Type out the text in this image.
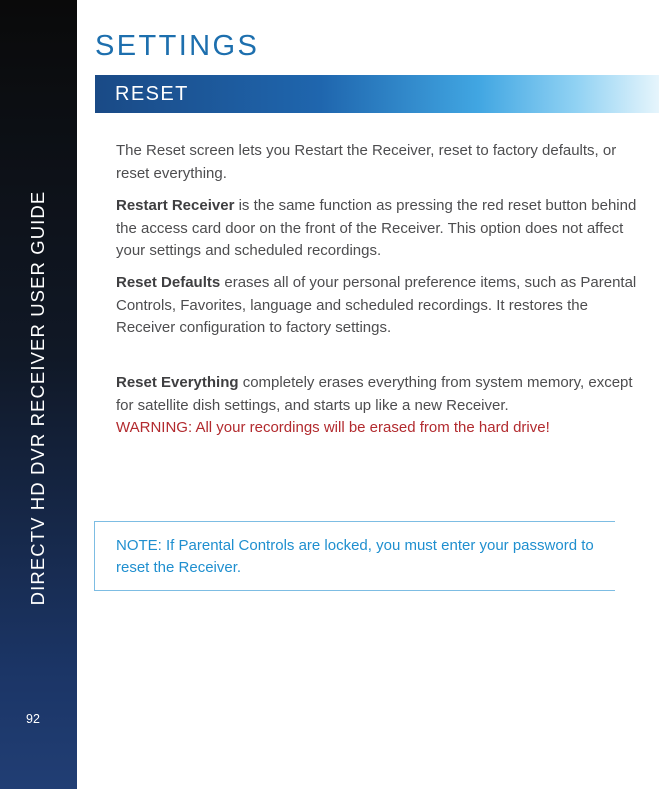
DIRECTV HD DVR RECEIVER USER GUIDE
92
SETTINGS
RESET
The Reset screen lets you Restart the Receiver, reset to factory defaults, or reset everything.
Restart Receiver is the same function as pressing the red reset button behind the access card door on the front of the Receiver. This option does not affect your settings and scheduled recordings.
Reset Defaults erases all of your personal preference items, such as Parental Controls, Favorites, language and scheduled recordings. It restores the Receiver configuration to factory settings.
Reset Everything completely erases everything from system memory, except for satellite dish settings, and starts up like a new Receiver.
WARNING: All your recordings will be erased from the hard drive!
NOTE: If Parental Controls are locked, you must enter your password to reset the Receiver.
